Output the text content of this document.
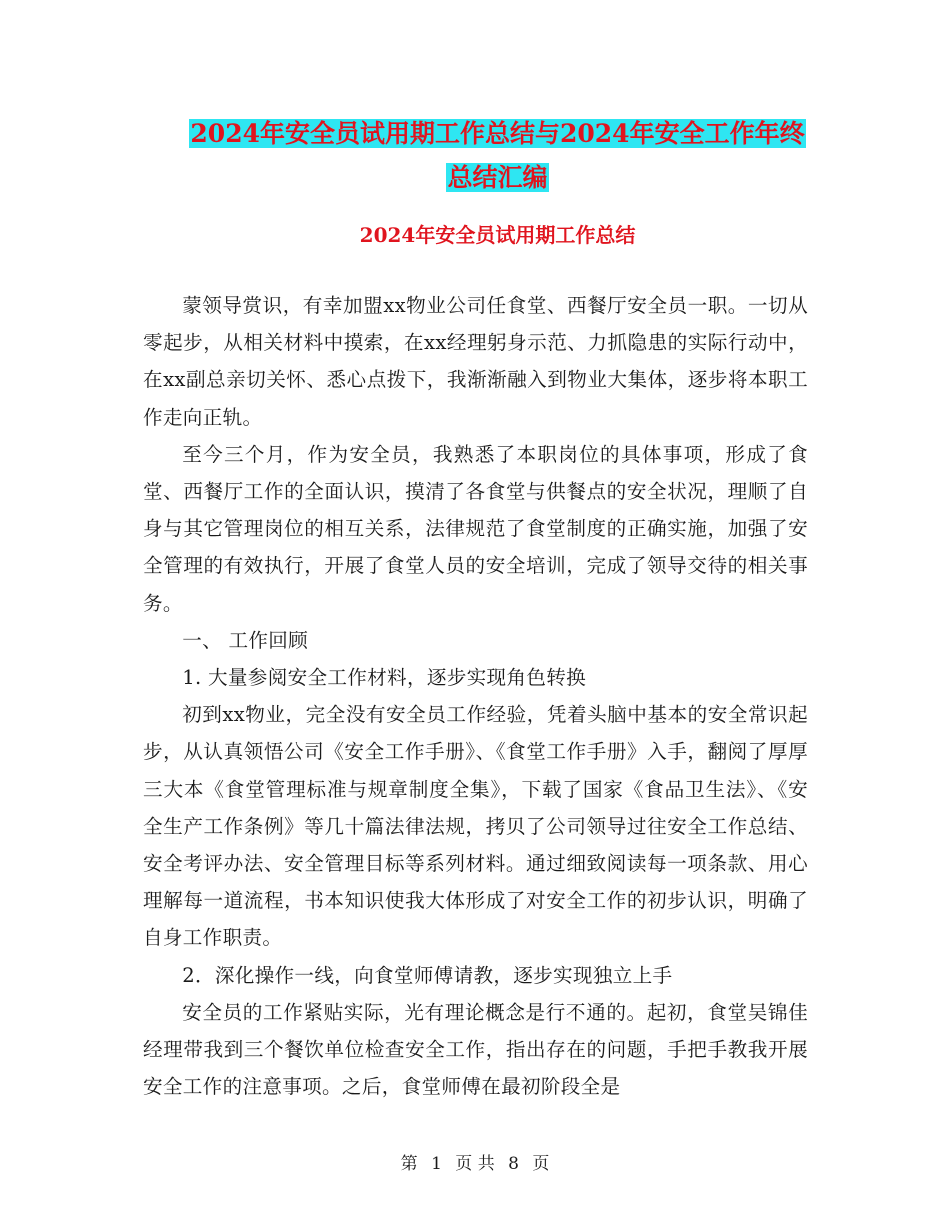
2024年安全员试用期工作总结与2024年安全工作年终
总结汇编
2024年安全员试用期工作总结

蒙领导赏识，有幸加盟xx物业公司任食堂、西餐厅安全员一职。一切从零起步，从相关材料中摸索，在xx经理躬身示范、力抓隐患的实际行动中，在xx副总亲切关怀、悉心点拨下，我渐渐融入到物业大集体，逐步将本职工作走向正轨。

至今三个月，作为安全员，我熟悉了本职岗位的具体事项，形成了食堂、西餐厅工作的全面认识，摸清了各食堂与供餐点的安全状况，理顺了自身与其它管理岗位的相互关系，法律规范了食堂制度的正确实施，加强了安全管理的有效执行，开展了食堂人员的安全培训，完成了领导交待的相关事务。

一、 工作回顾

1. 大量参阅安全工作材料，逐步实现角色转换

初到xx物业，完全没有安全员工作经验，凭着头脑中基本的安全常识起步，从认真领悟公司《安全工作手册》、《食堂工作手册》入手，翻阅了厚厚三大本《食堂管理标准与规章制度全集》，下载了国家《食品卫生法》、《安全生产工作条例》等几十篇法律法规，拷贝了公司领导过往安全工作总结、安全考评办法、安全管理目标等系列材料。通过细致阅读每一项条款、用心理解每一道流程，书本知识使我大体形成了对安全工作的初步认识，明确了自身工作职责。

2．深化操作一线，向食堂师傅请教，逐步实现独立上手

安全员的工作紧贴实际，光有理论概念是行不通的。起初，食堂吴锦佳经理带我到三个餐饮单位检查安全工作，指出存在的问题，手把手教我开展安全工作的注意事项。之后，食堂师傅在最初阶段全是

第 1 页 共 8 页
